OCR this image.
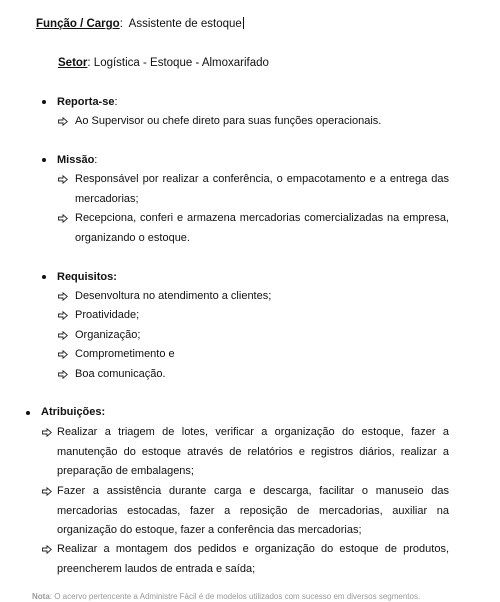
Função / Cargo:  Assistente de estoque
Setor: Logística - Estoque - Almoxarifado
Reporta-se:
Ao Supervisor ou chefe direto para suas funções operacionais.
Missão:
Responsável por realizar a conferência, o empacotamento e a entrega das mercadorias;
Recepciona, conferi e armazena mercadorias comercializadas na empresa, organizando o estoque.
Requisitos:
Desenvoltura no atendimento a clientes;
Proatividade;
Organização;
Comprometimento e
Boa comunicação.
Atribuições:
Realizar a triagem de lotes, verificar a organização do estoque, fazer a manutenção do estoque através de relatórios e registros diários, realizar a preparação de embalagens;
Fazer a assistência durante carga e descarga, facilitar o manuseio das mercadorias estocadas, fazer a reposição de mercadorias, auxiliar na organização do estoque, fazer a conferência das mercadorias;
Realizar a montagem dos pedidos e organização do estoque de produtos, preencherem laudos de entrada e saída;
Nota: O acervo pertencente a Administre Fácil é de modelos utilizados com sucesso em diversos segmentos.
